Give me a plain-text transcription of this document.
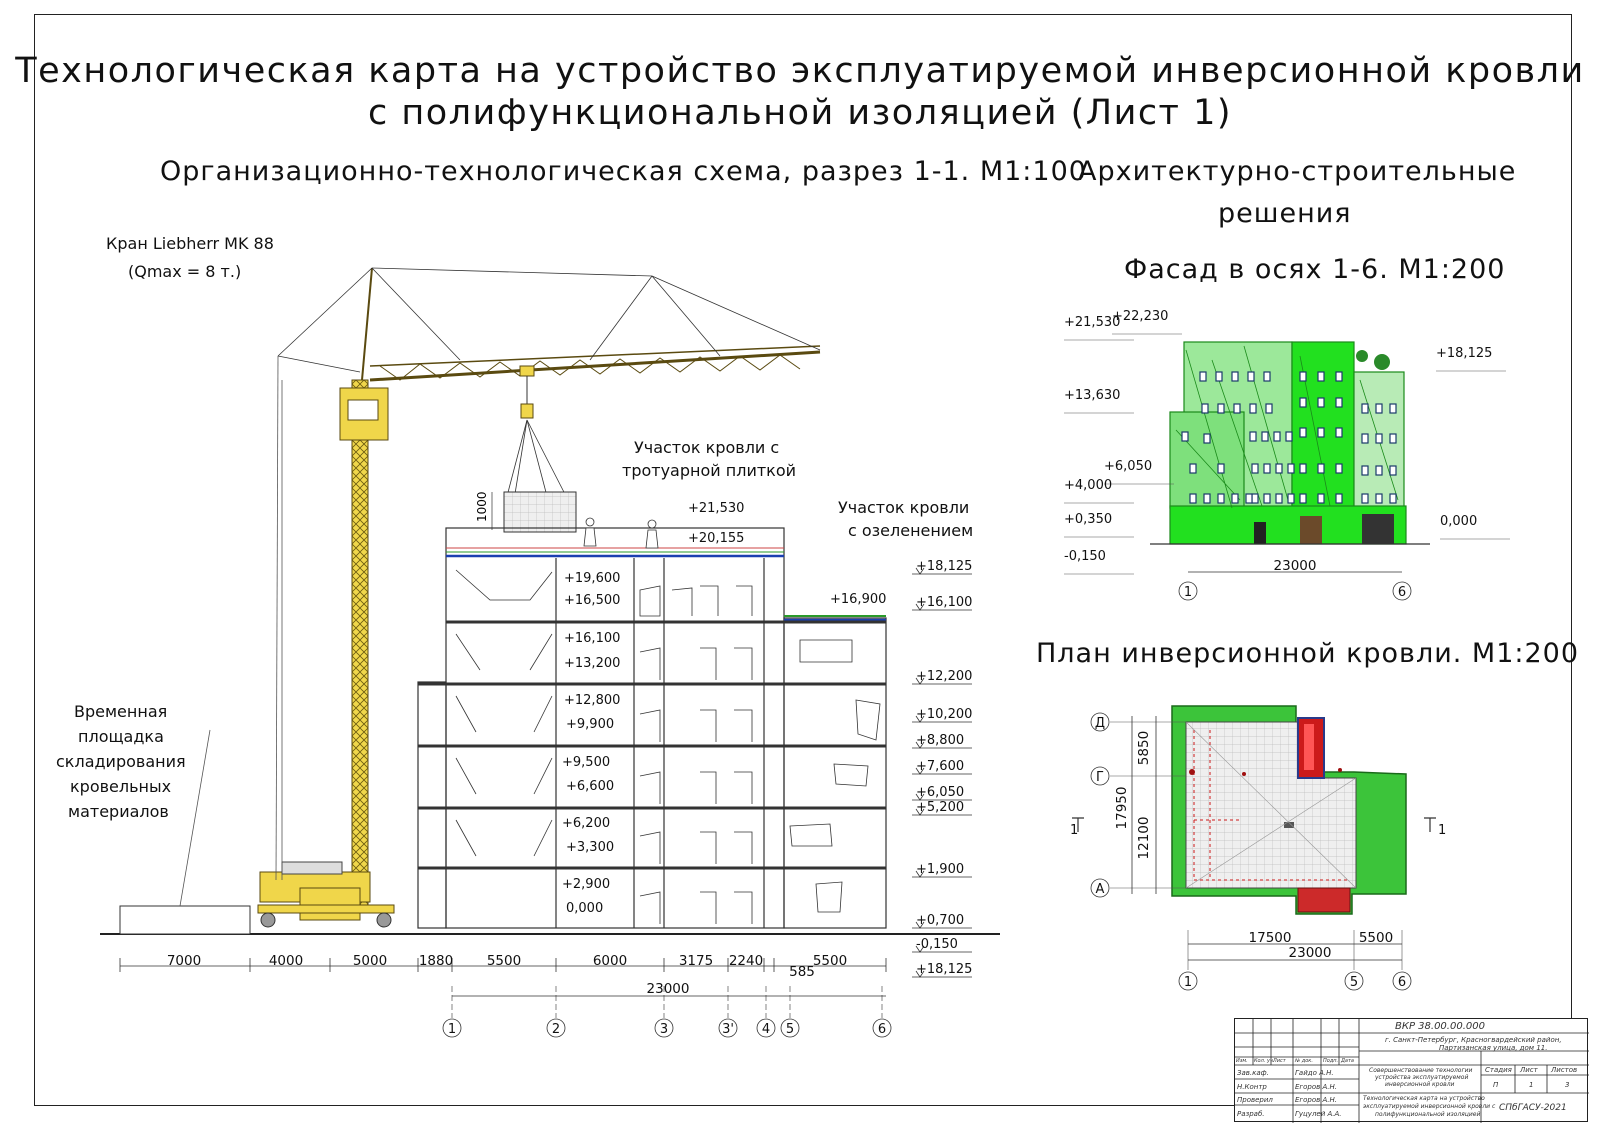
Технологическая карта на устройство эксплуатируемой инверсионной кровли
с полифункциональной изоляцией (Лист 1)
Организационно-технологическая схема, разрез 1-1. М1:100
Архитектурно-строительные
решения
Фасад в осях 1-6. М1:200
План инверсионной кровли. М1:200
Кран Liebherr MK 88
(Qmax = 8 т.)
Временная
площадка
складирования
кровельных
материалов
Участок кровли с
тротуарной плиткой
Участок кровли
с озеленением
1000	+21,530
+20,155
+19,600
+16,500
+16,100
+13,200
+12,800
+9,900
+9,500
+6,600
+6,200
+3,300
+2,900
0,000
+16,900
+18,125
+16,100
+12,200
+10,200
+8,800
+7,600
+6,050
+5,200
+1,900
+0,700
-0,150
+18,125
7000	4000	5000 1880 5500	6000	3175 2240	5500
585
23000
1	2	3	3' 4 5	6
+21,530
+22,230
+13,630
+6,050
+4,000
+0,350
-0,150
+18,125
0,000
23000
1	6
Д
Г
А
5850
17950
12100
1	5	6
17500	5500
23000
1	1
ВКР 38.00.00.000
г. Санкт-Петербург, Красногвардейский район,
Партизанская улица, дом 11.
Изм. Кол. уч.
Лист № док. Подп. Дата
Зав.каф.	Гайдо А.Н.
Н.Контр	Егоров А.Н.
Проверил	Егоров А.Н.
Разраб.	Гуцулей А.А.
Совершенствование технологии
устройства эксплуатируемой
инверсионной кровли
Технологическая карта на устройство
эксплуатируемой инверсионной кровли с
полифункциональной изоляцией
Стадия Лист Листов
П	1	3
СПбГАСУ-2021
